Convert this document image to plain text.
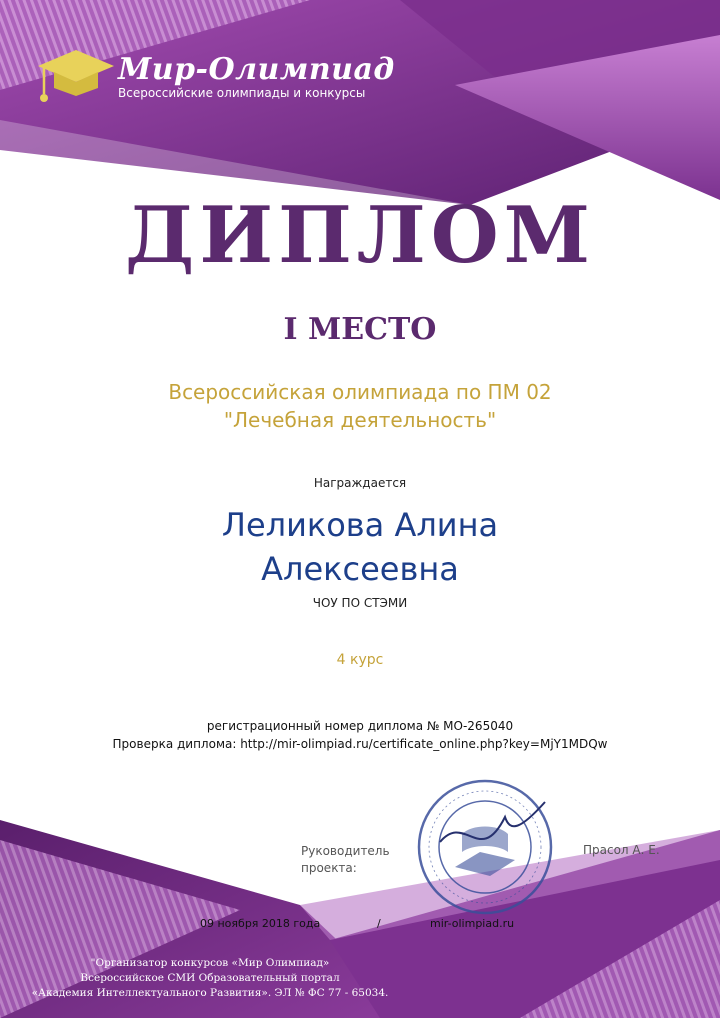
Мир-Олимпиад
Всероссийские олимпиады и конкурсы
ДИПЛОМ
I МЕСТО
Всероссийская олимпиада по ПМ 02
"Лечебная деятельность"
Награждается
Леликова Алина
Алексеевна
ЧОУ ПО СТЭМИ
4 курс
регистрационный номер диплома № МО-265040
Проверка диплома: http://mir-olimpiad.ru/certificate_online.php?key=MjY1MDQw
Руководитель
проекта:
Прасол А. Е.
09 ноября 2018 года	/	mir-olimpiad.ru
"Организатор конкурсов «Мир Олимпиад»
Всероссийское СМИ Образовательный портал
«Академия Интеллектуального Развития». ЭЛ № ФС 77 - 65034.
